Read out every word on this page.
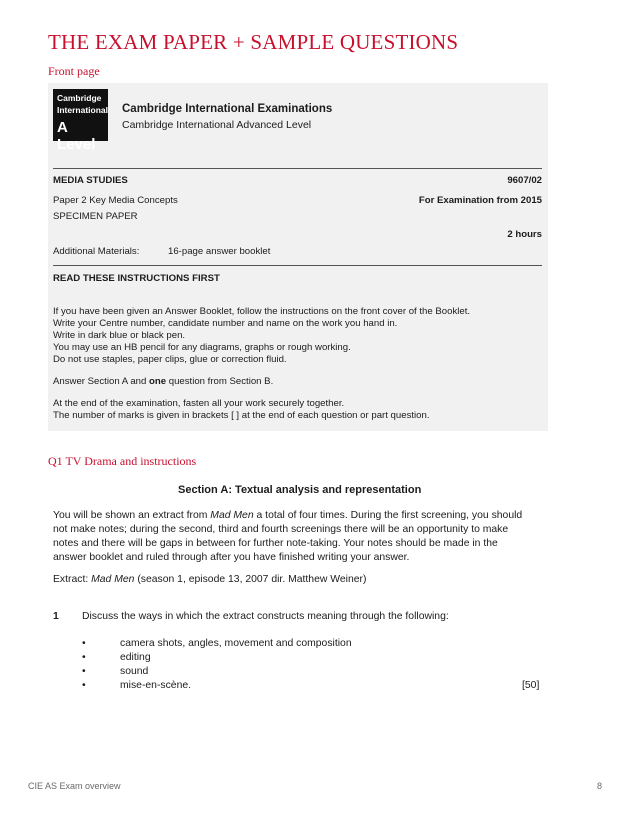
THE EXAM PAPER + SAMPLE QUESTIONS
Front page
Cambridge
International
A Level
Cambridge International Examinations
Cambridge International Advanced Level
MEDIA STUDIES	9607/02
Paper 2 Key Media Concepts	For Examination from 2015
SPECIMEN PAPER
2 hours
Additional Materials:	16-page answer booklet
READ THESE INSTRUCTIONS FIRST
If you have been given an Answer Booklet, follow the instructions on the front cover of the Booklet.
Write your Centre number, candidate number and name on the work you hand in.
Write in dark blue or black pen.
You may use an HB pencil for any diagrams, graphs or rough working.
Do not use staples, paper clips, glue or correction fluid.
Answer Section A and one question from Section B.
At the end of the examination, fasten all your work securely together.
The number of marks is given in brackets [ ] at the end of each question or part question.
Q1 TV Drama and instructions
Section A: Textual analysis and representation
You will be shown an extract from Mad Men a total of four times. During the first screening, you should
not make notes; during the second, third and fourth screenings there will be an opportunity to make
notes and there will be gaps in between for further note-taking. Your notes should be made in the
answer booklet and ruled through after you have finished writing your answer.
Extract: Mad Men (season 1, episode 13, 2007 dir. Matthew Weiner)
1 Discuss the ways in which the extract constructs meaning through the following:
•	camera shots, angles, movement and composition
•	editing
•	sound
•	mise-en-scène.	[50]
CIE AS Exam overview	8
